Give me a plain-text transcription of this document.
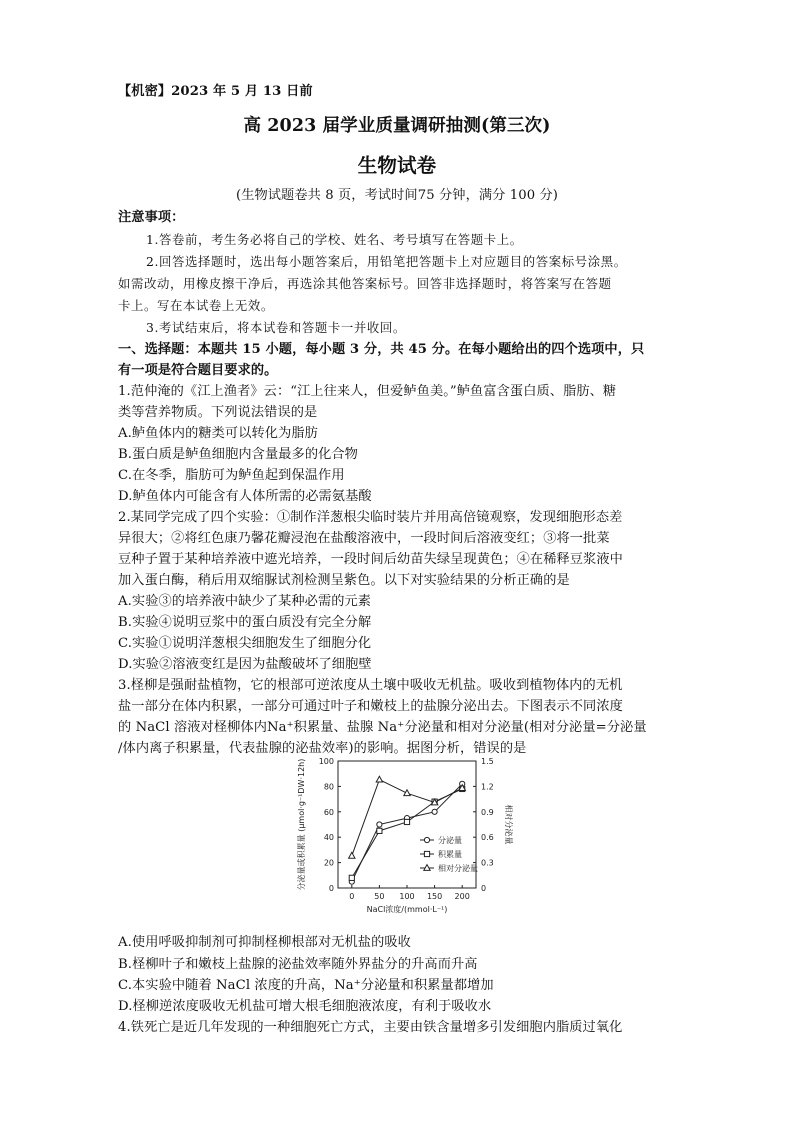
【机密】2023 年 5 月 13 日前
高 2023 届学业质量调研抽测(第三次)
生物试卷
(生物试题卷共 8 页，考试时间75 分钟，满分 100 分)
注意事项：
1.答卷前，考生务必将自己的学校、姓名、考号填写在答题卡上。
2.回答选择题时，选出每小题答案后，用铅笔把答题卡上对应题目的答案标号涂黑。
如需改动，用橡皮擦干净后，再选涂其他答案标号。回答非选择题时，将答案写在答题
卡上。写在本试卷上无效。
3.考试结束后，将本试卷和答题卡一并收回。
一、选择题：本题共 15 小题，每小题 3 分，共 45 分。在每小题给出的四个选项中，只
有一项是符合题目要求的。
1.范仲淹的《江上渔者》云：“江上往来人，但爱鲈鱼美。”鲈鱼富含蛋白质、脂肪、糖
类等营养物质。下列说法错误的是
A.鲈鱼体内的糖类可以转化为脂肪
B.蛋白质是鲈鱼细胞内含量最多的化合物
C.在冬季，脂肪可为鲈鱼起到保温作用
D.鲈鱼体内可能含有人体所需的必需氨基酸
2.某同学完成了四个实验：①制作洋葱根尖临时装片并用高倍镜观察，发现细胞形态差
异很大；②将红色康乃馨花瓣浸泡在盐酸溶液中，一段时间后溶液变红；③将一批菜
豆种子置于某种培养液中遮光培养，一段时间后幼苗失绿呈现黄色；④在稀释豆浆液中
加入蛋白酶，稍后用双缩脲试剂检测呈紫色。以下对实验结果的分析正确的是
A.实验③的培养液中缺少了某种必需的元素
B.实验④说明豆浆中的蛋白质没有完全分解
C.实验①说明洋葱根尖细胞发生了细胞分化
D.实验②溶液变红是因为盐酸破坏了细胞壁
3.柽柳是强耐盐植物，它的根部可逆浓度从土壤中吸收无机盐。吸收到植物体内的无机
盐一部分在体内积累，一部分可通过叶子和嫩枝上的盐腺分泌出去。下图表示不同浓度
的 NaCl 溶液对柽柳体内Na⁺积累量、盐腺 Na⁺分泌量和相对分泌量(相对分泌量=分泌量
/体内离子积累量，代表盐腺的泌盐效率)的影响。据图分析，错误的是
0 50 100 150 200
0
20
40
60
80
100
0
0.3
0.6
0.9
1.2
1.5
NaCl浓度/(mmol·L⁻¹)
分泌量或积累量 (μmol·g⁻¹DW·12h)	相对分泌量
分泌量
积累量
相对分泌量
A.使用呼吸抑制剂可抑制柽柳根部对无机盐的吸收
B.柽柳叶子和嫩枝上盐腺的泌盐效率随外界盐分的升高而升高
C.本实验中随着 NaCl 浓度的升高，Na⁺分泌量和积累量都增加
D.柽柳逆浓度吸收无机盐可增大根毛细胞液浓度，有利于吸收水
4.铁死亡是近几年发现的一种细胞死亡方式，主要由铁含量增多引发细胞内脂质过氧化
